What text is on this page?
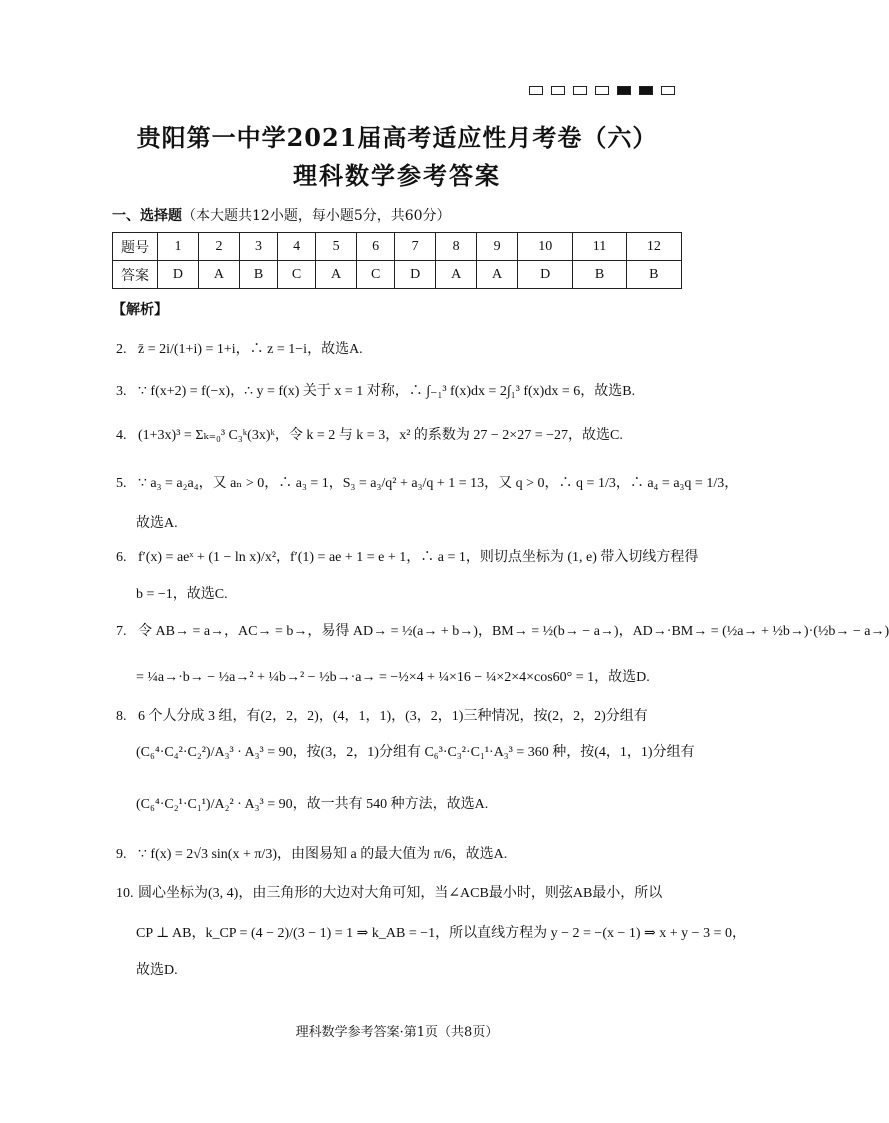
贵阳第一中学2021届高考适应性月考卷（六）
理科数学参考答案
一、选择题（本大题共12小题，每小题5分，共60分）
题号	1	2	3	4	5	6	7	8	9	10	11	12
答案	D	A	B	C	A	C	D	A	A	D	B	B
【解析】
2. z̄ = 2i/(1+i) = 1+i，∴ z = 1−i，故选A.
3. ∵ f(x+2) = f(−x)，∴ y = f(x) 关于 x = 1 对称，∴ ∫₋₁³ f(x)dx = 2∫₁³ f(x)dx = 6，故选B.
4. (1+3x)³ = Σₖ₌₀³ C₃ᵏ(3x)ᵏ，令 k = 2 与 k = 3，x² 的系数为 27 − 2×27 = −27，故选C.
5. ∵ a₃ = a₂a₄，又 aₙ > 0，∴ a₃ = 1，S₃ = a₃/q² + a₃/q + 1 = 13，又 q > 0，∴ q = 1/3，∴ a₄ = a₃q = 1/3，
故选A.
6. f′(x) = aeˣ + (1 − ln x)/x²，f′(1) = ae + 1 = e + 1，∴ a = 1，则切点坐标为 (1, e) 带入切线方程得
b = −1，故选C.
7. 令 AB→ = a→，AC→ = b→，易得 AD→ = ½(a→ + b→)，BM→ = ½(b→ − a→)，AD→·BM→ = (½a→ + ½b→)·(½b→ − a→)
= ¼a→·b→ − ½a→² + ¼b→² − ½b→·a→ = −½×4 + ¼×16 − ¼×2×4×cos60° = 1，故选D.
8. 6 个人分成 3 组，有(2，2，2)，(4，1，1)，(3，2，1)三种情况，按(2，2，2)分组有
(C₆⁴·C₄²·C₂²)/A₃³ · A₃³ = 90，按(3，2，1)分组有 C₆³·C₃²·C₁¹·A₃³ = 360 种，按(4，1，1)分组有
(C₆⁴·C₂¹·C₁¹)/A₂² · A₃³ = 90，故一共有 540 种方法，故选A.
9. ∵ f(x) = 2√3 sin(x + π/3)，由图易知 a 的最大值为 π/6，故选A.
10. 圆心坐标为(3, 4)，由三角形的大边对大角可知，当∠ACB最小时，则弦AB最小，所以
CP ⊥ AB，k_CP = (4 − 2)/(3 − 1) = 1 ⇒ k_AB = −1，所以直线方程为 y − 2 = −(x − 1) ⇒ x + y − 3 = 0，
故选D.
理科数学参考答案·第1页（共8页）
